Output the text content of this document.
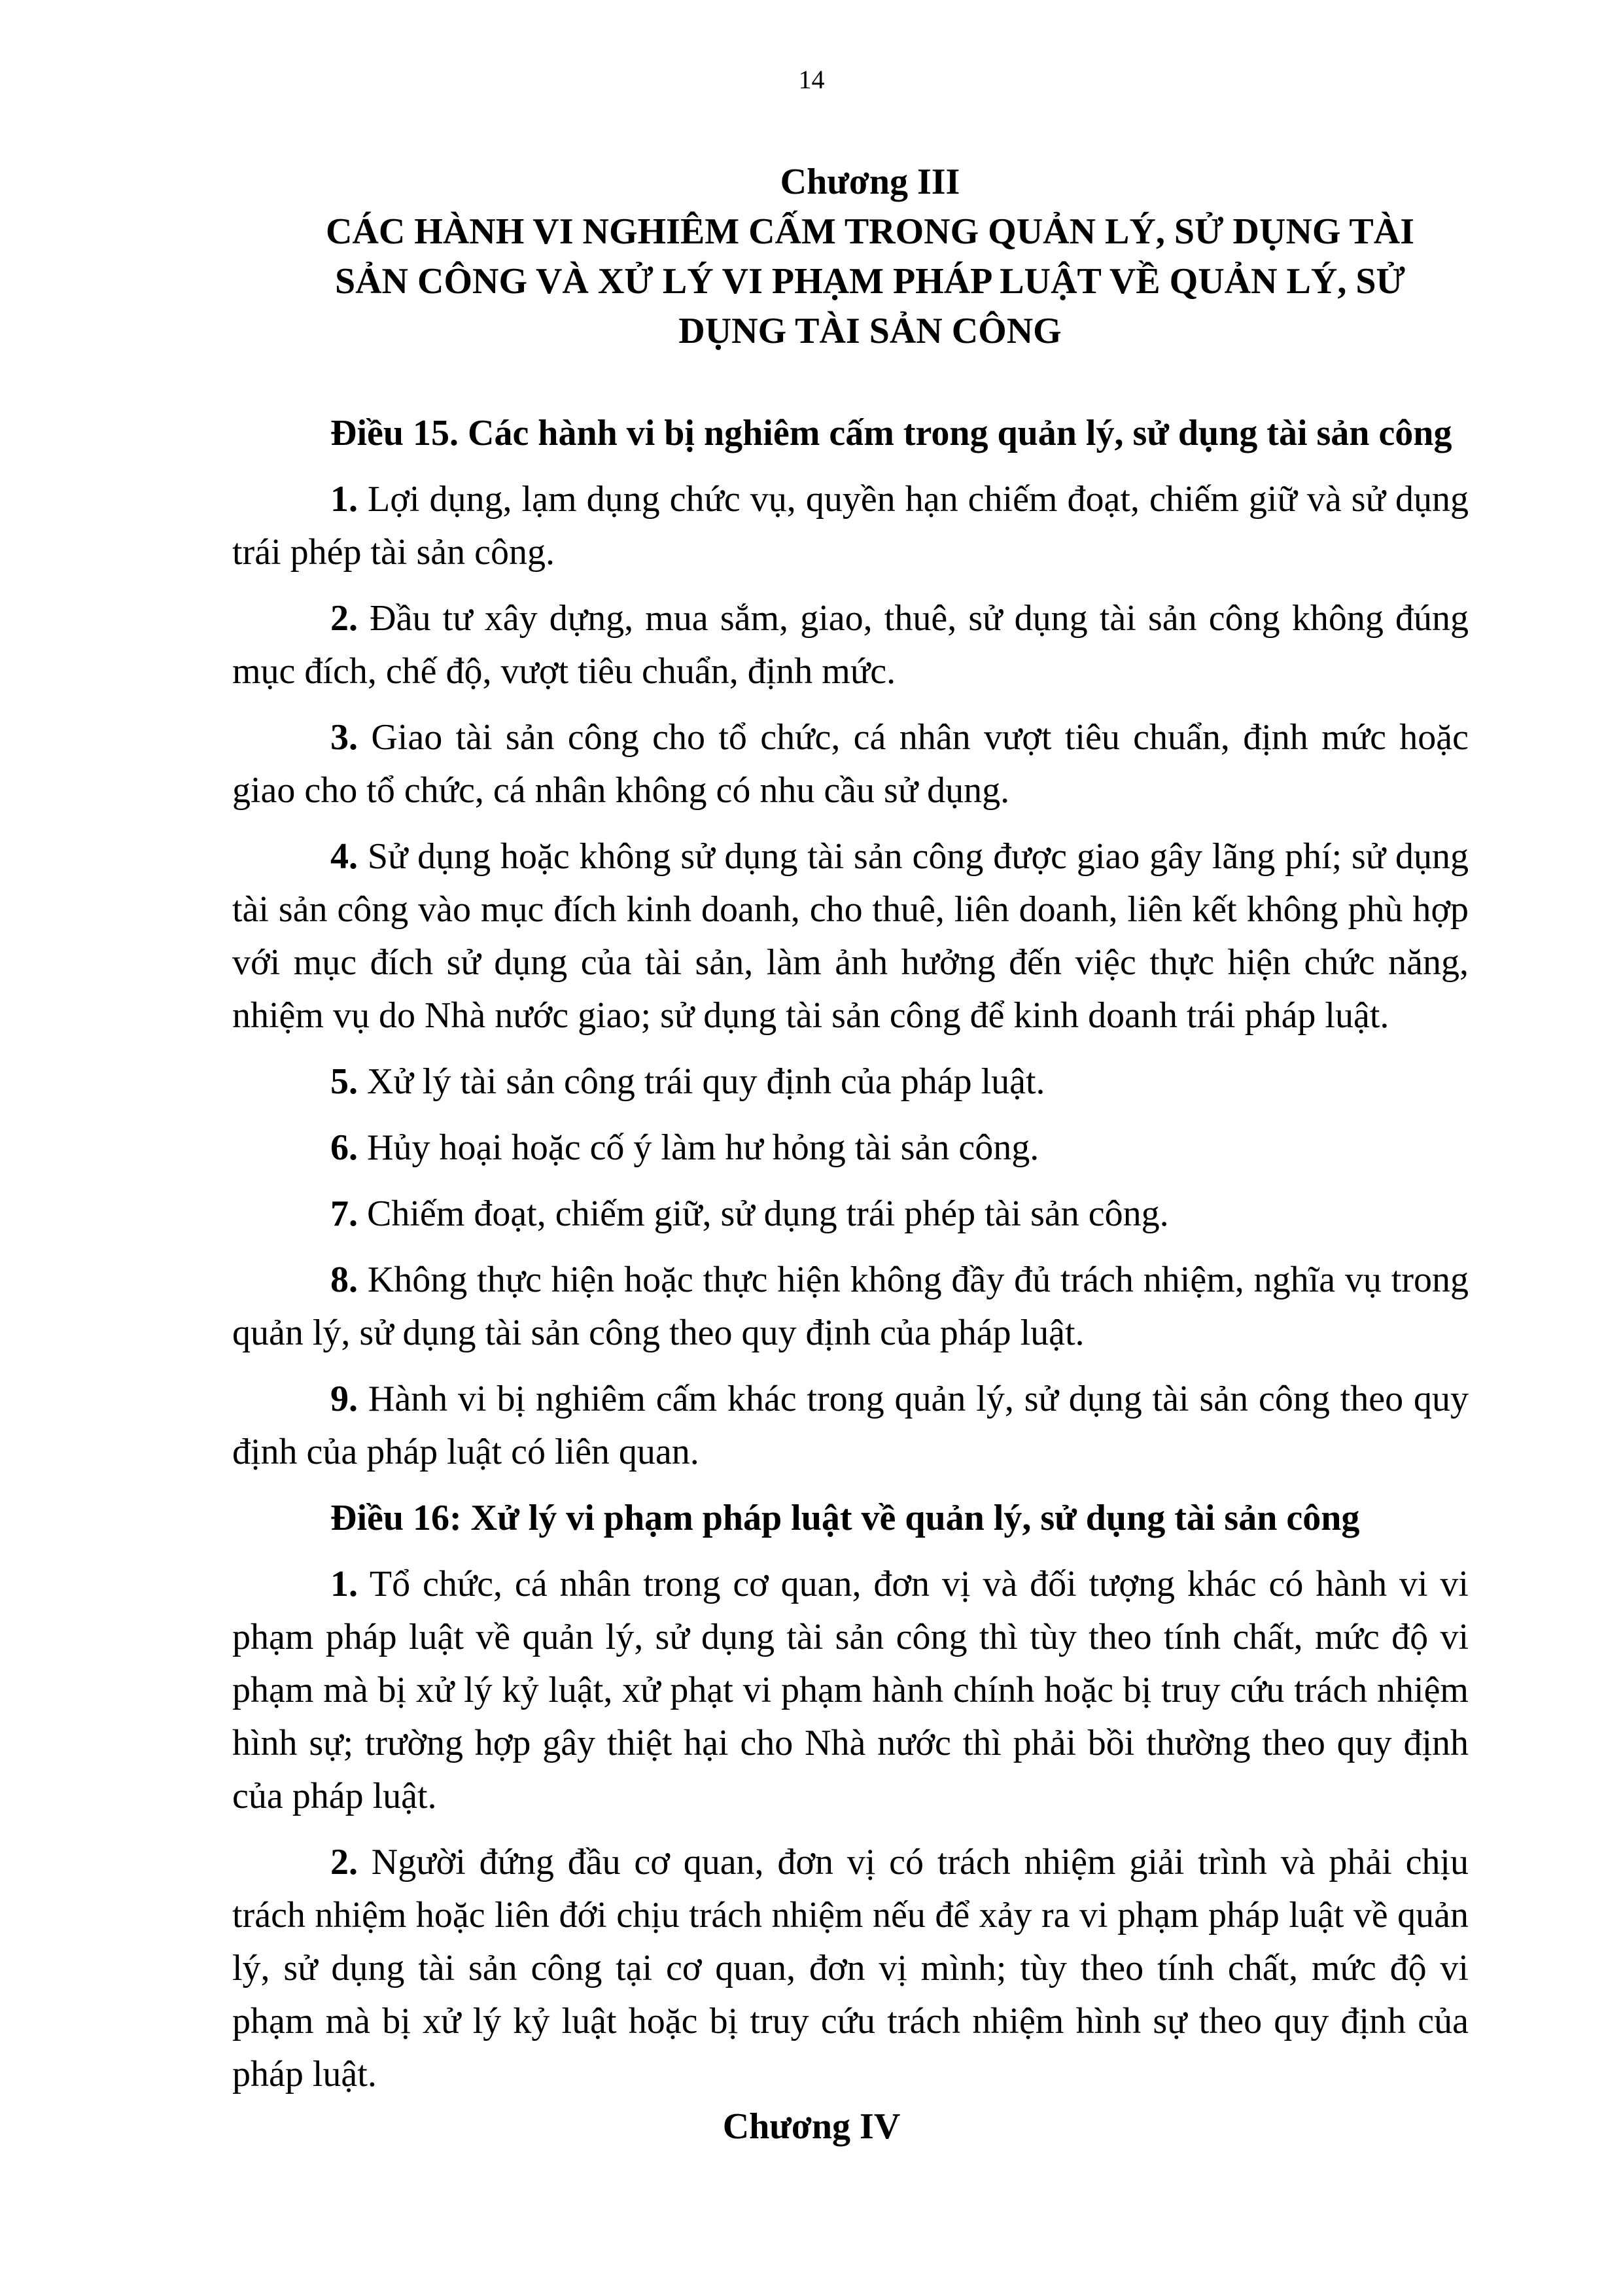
14
Chương III
CÁC HÀNH VI NGHIÊM CẤM TRONG QUẢN LÝ, SỬ DỤNG TÀI
SẢN CÔNG VÀ XỬ LÝ VI PHẠM PHÁP LUẬT VỀ QUẢN LÝ, SỬ
DỤNG TÀI SẢN CÔNG

Điều 15. Các hành vi bị nghiêm cấm trong quản lý, sử dụng tài sản công

1. Lợi dụng, lạm dụng chức vụ, quyền hạn chiếm đoạt, chiếm giữ và sử dụng trái phép tài sản công.

2. Đầu tư xây dựng, mua sắm, giao, thuê, sử dụng tài sản công không đúng mục đích, chế độ, vượt tiêu chuẩn, định mức.

3. Giao tài sản công cho tổ chức, cá nhân vượt tiêu chuẩn, định mức hoặc giao cho tổ chức, cá nhân không có nhu cầu sử dụng.

4. Sử dụng hoặc không sử dụng tài sản công được giao gây lãng phí; sử dụng tài sản công vào mục đích kinh doanh, cho thuê, liên doanh, liên kết không phù hợp với mục đích sử dụng của tài sản, làm ảnh hưởng đến việc thực hiện chức năng, nhiệm vụ do Nhà nước giao; sử dụng tài sản công để kinh doanh trái pháp luật.

5. Xử lý tài sản công trái quy định của pháp luật.

6. Hủy hoại hoặc cố ý làm hư hỏng tài sản công.

7. Chiếm đoạt, chiếm giữ, sử dụng trái phép tài sản công.

8. Không thực hiện hoặc thực hiện không đầy đủ trách nhiệm, nghĩa vụ trong quản lý, sử dụng tài sản công theo quy định của pháp luật.

9. Hành vi bị nghiêm cấm khác trong quản lý, sử dụng tài sản công theo quy định của pháp luật có liên quan.

Điều 16: Xử lý vi phạm pháp luật về quản lý, sử dụng tài sản công

1. Tổ chức, cá nhân trong cơ quan, đơn vị và đối tượng khác có hành vi vi phạm pháp luật về quản lý, sử dụng tài sản công thì tùy theo tính chất, mức độ vi phạm mà bị xử lý kỷ luật, xử phạt vi phạm hành chính hoặc bị truy cứu trách nhiệm hình sự; trường hợp gây thiệt hại cho Nhà nước thì phải bồi thường theo quy định của pháp luật.

2. Người đứng đầu cơ quan, đơn vị có trách nhiệm giải trình và phải chịu trách nhiệm hoặc liên đới chịu trách nhiệm nếu để xảy ra vi phạm pháp luật về quản lý, sử dụng tài sản công tại cơ quan, đơn vị mình; tùy theo tính chất, mức độ vi phạm mà bị xử lý kỷ luật hoặc bị truy cứu trách nhiệm hình sự theo quy định của pháp luật.

Chương IV
